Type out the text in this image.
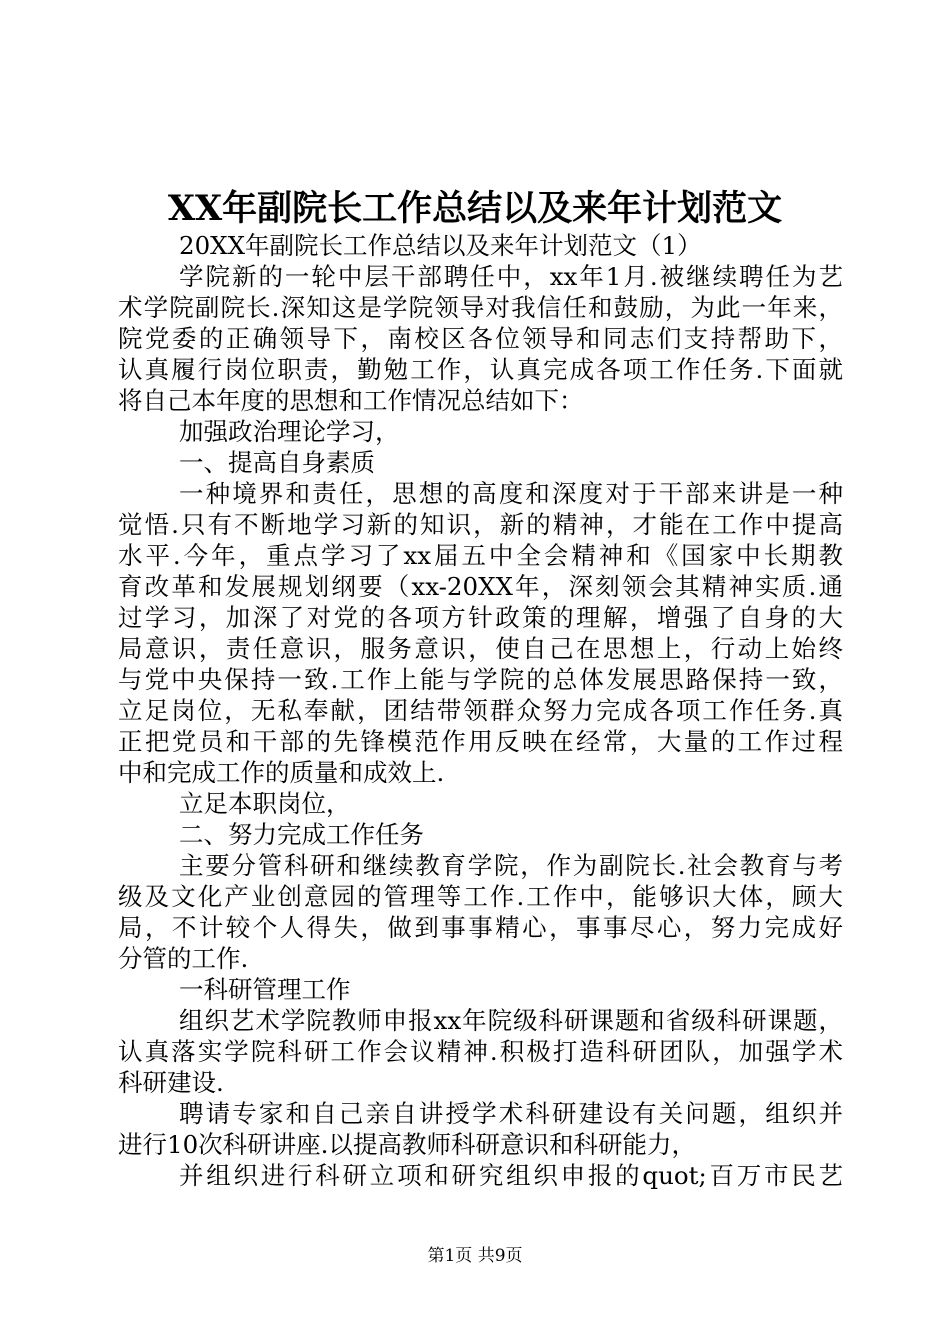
XX年副院长工作总结以及来年计划范文
20XX年副院长工作总结以及来年计划范文（1）
学院新的一轮中层干部聘任中，xx年1月.被继续聘任为艺
术学院副院长.深知这是学院领导对我信任和鼓励，为此一年来，
院党委的正确领导下，南校区各位领导和同志们支持帮助下，
认真履行岗位职责，勤勉工作，认真完成各项工作任务.下面就
将自己本年度的思想和工作情况总结如下：
加强政治理论学习，
一、提高自身素质
一种境界和责任，思想的高度和深度对于干部来讲是一种
觉悟.只有不断地学习新的知识，新的精神，才能在工作中提高
水平.今年，重点学习了xx届五中全会精神和《国家中长期教
育改革和发展规划纲要（xx-20XX年，深刻领会其精神实质.通
过学习，加深了对党的各项方针政策的理解，增强了自身的大
局意识，责任意识，服务意识，使自己在思想上，行动上始终
与党中央保持一致.工作上能与学院的总体发展思路保持一致，
立足岗位，无私奉献，团结带领群众努力完成各项工作任务.真
正把党员和干部的先锋模范作用反映在经常，大量的工作过程
中和完成工作的质量和成效上.
立足本职岗位，
二、努力完成工作任务
主要分管科研和继续教育学院，作为副院长.社会教育与考
级及文化产业创意园的管理等工作.工作中，能够识大体，顾大
局，不计较个人得失，做到事事精心，事事尽心，努力完成好
分管的工作.
一科研管理工作
组织艺术学院教师申报xx年院级科研课题和省级科研课题，
认真落实学院科研工作会议精神.积极打造科研团队，加强学术
科研建设.
聘请专家和自己亲自讲授学术科研建设有关问题，组织并
进行10次科研讲座.以提高教师科研意识和科研能力，
并组织进行科研立项和研究组织申报的quot;百万市民艺
第1页 共9页
